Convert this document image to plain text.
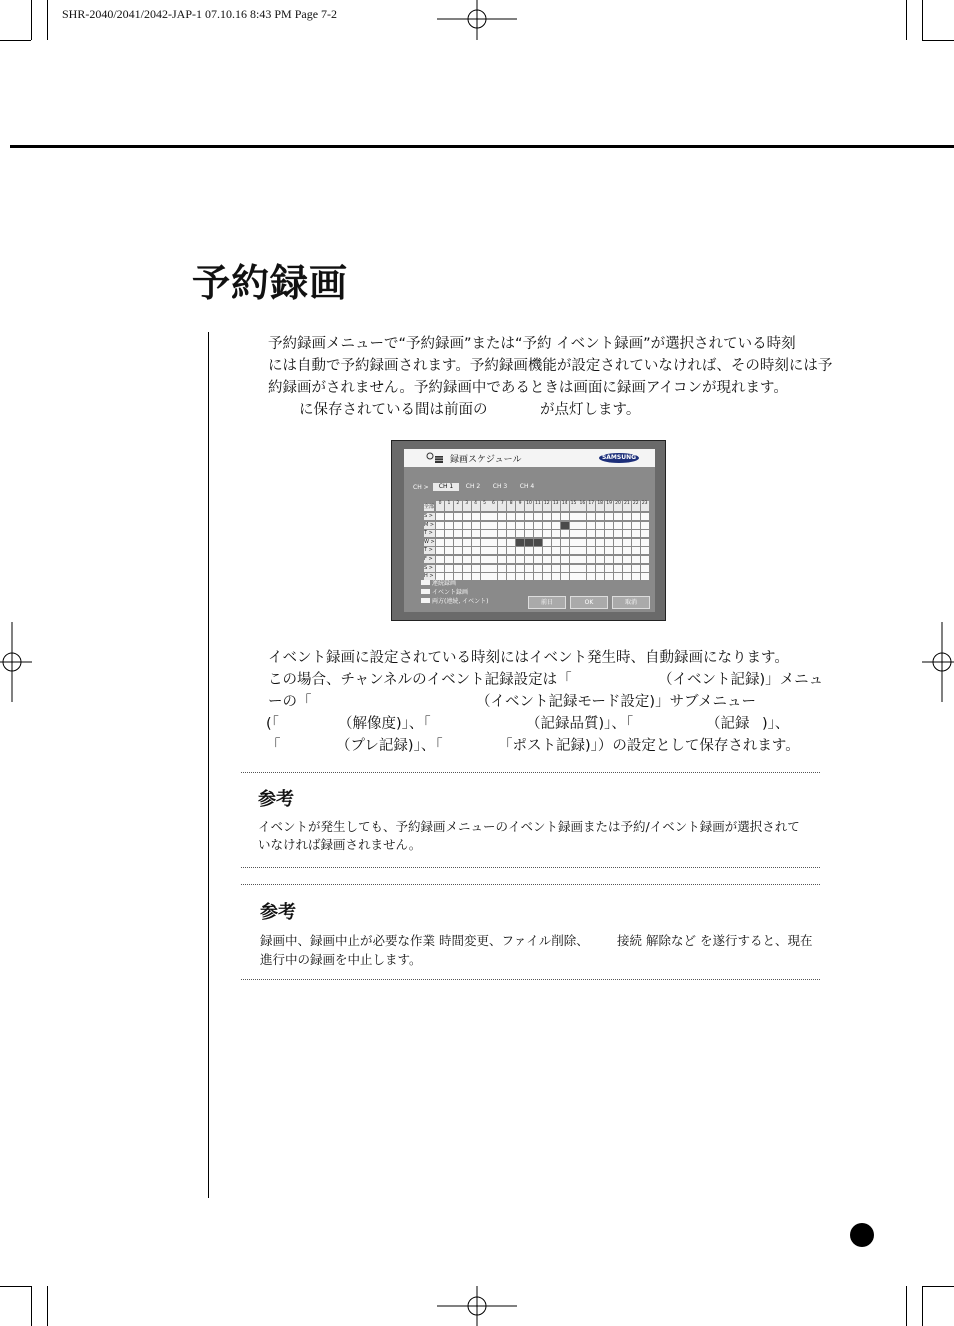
SHR-2040/2041/2042-JAP-1 07.10.16 8:43 PM Page 7-2
予約録画
予約録画メニューで“予約録画”または“予約 イベント録画”が選択されている時刻
には自動で予約録画されます。予約録画機能が設定されていなければ、その時刻には予
約録画がされません。予約録画中であるときは画面に録画アイコンが現れます。
に保存されている間は前面の	が点灯します。
録画スケジュール	SAMSUNG
CH >	CH 1	CH 2	CH 3	CH 4
全部
連続録画
イベント録画
両方(連続, イベント)	前日	OK	取消
0	1	2	3	4	5	6	7	8	9	10 11 12 13 14 15 16 17 18 19 20 21 22 23
S >
M >
T >
W >
T >
F >
S >
H >
イベント録画に設定されている時刻にはイベント発生時、自動録画になります。
この場合、チャンネルのイベント記録設定は「	（イベント記録)」メニュ
ーの「	（イベント記録モード設定)」サブメニュー
(「	（解像度)」、「	（記録品質)」、「	（記録 )」、
「	（プレ記録)」、「	「ポスト記録)」）の設定として保存されます。
参考
イベントが発生しても、予約録画メニューのイベント録画または予約/イベント録画が選択されて
いなければ録画されません。
参考
録画中、録画中止が必要な作業 時間変更、ファイル削除、 接続 解除など を遂行すると、現在
進行中の録画を中止します。
